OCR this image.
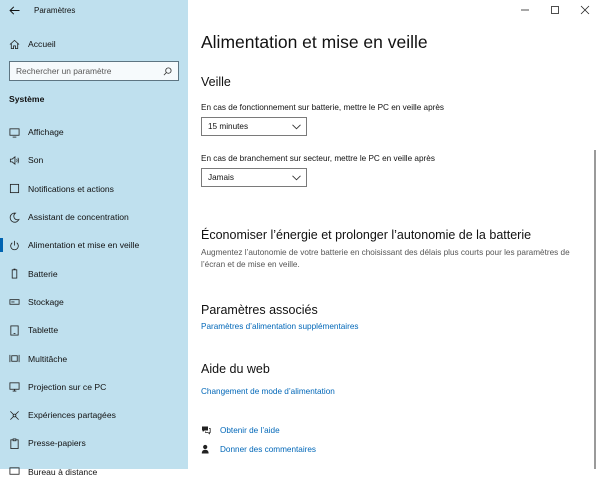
Paramètres
Accueil
Rechercher un paramètre
Système
Affichage
Son
Notifications et actions
Assistant de concentration
Alimentation et mise en veille
Batterie
Stockage
Tablette
Multitâche
Projection sur ce PC
Expériences partagées
Presse-papiers
Bureau à distance
Alimentation et mise en veille
Veille
En cas de fonctionnement sur batterie, mettre le PC en veille après
15 minutes
En cas de branchement sur secteur, mettre le PC en veille après
Jamais
Économiser l’énergie et prolonger l’autonomie de la batterie
Augmentez l’autonomie de votre batterie en choisissant des délais plus courts pour les paramètres de l’écran et de mise en veille.
Paramètres associés
Paramètres d’alimentation supplémentaires
Aide du web
Changement de mode d’alimentation
Obtenir de l’aide
Donner des commentaires
